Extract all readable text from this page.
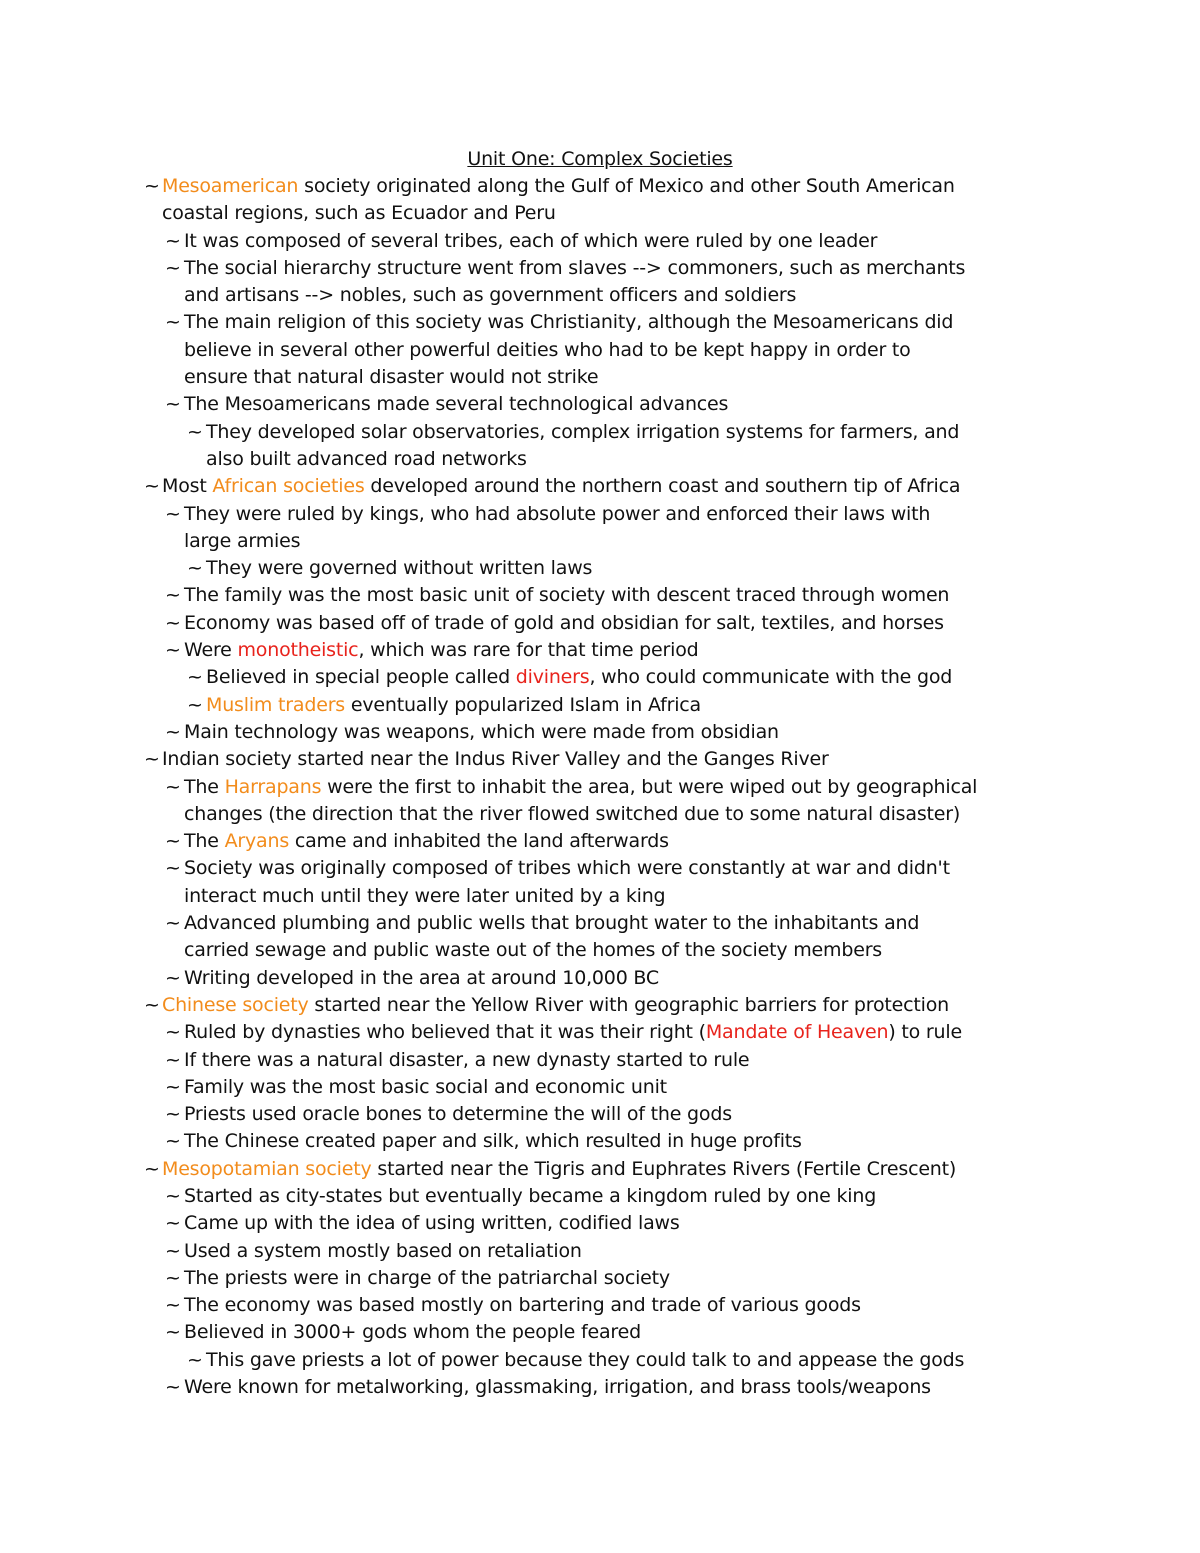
Unit One: Complex Societies
~ Mesoamerican society originated along the Gulf of Mexico and other South American
coastal regions, such as Ecuador and Peru
~ It was composed of several tribes, each of which were ruled by one leader
~ The social hierarchy structure went from slaves --> commoners, such as merchants
and artisans --> nobles, such as government officers and soldiers
~ The main religion of this society was Christianity, although the Mesoamericans did
believe in several other powerful deities who had to be kept happy in order to
ensure that natural disaster would not strike
~ The Mesoamericans made several technological advances
~ They developed solar observatories, complex irrigation systems for farmers, and
also built advanced road networks
~ Most African societies developed around the northern coast and southern tip of Africa
~ They were ruled by kings, who had absolute power and enforced their laws with
large armies
~ They were governed without written laws
~ The family was the most basic unit of society with descent traced through women
~ Economy was based off of trade of gold and obsidian for salt, textiles, and horses
~ Were monotheistic, which was rare for that time period
~ Believed in special people called diviners, who could communicate with the god
~ Muslim traders eventually popularized Islam in Africa
~ Main technology was weapons, which were made from obsidian
~ Indian society started near the Indus River Valley and the Ganges River
~ The Harrapans were the first to inhabit the area, but were wiped out by geographical
changes (the direction that the river flowed switched due to some natural disaster)
~ The Aryans came and inhabited the land afterwards
~ Society was originally composed of tribes which were constantly at war and didn't
interact much until they were later united by a king
~ Advanced plumbing and public wells that brought water to the inhabitants and
carried sewage and public waste out of the homes of the society members
~ Writing developed in the area at around 10,000 BC
~ Chinese society started near the Yellow River with geographic barriers for protection
~ Ruled by dynasties who believed that it was their right (Mandate of Heaven) to rule
~ If there was a natural disaster, a new dynasty started to rule
~ Family was the most basic social and economic unit
~ Priests used oracle bones to determine the will of the gods
~ The Chinese created paper and silk, which resulted in huge profits
~ Mesopotamian society started near the Tigris and Euphrates Rivers (Fertile Crescent)
~ Started as city-states but eventually became a kingdom ruled by one king
~ Came up with the idea of using written, codified laws
~ Used a system mostly based on retaliation
~ The priests were in charge of the patriarchal society
~ The economy was based mostly on bartering and trade of various goods
~ Believed in 3000+ gods whom the people feared
~ This gave priests a lot of power because they could talk to and appease the gods
~ Were known for metalworking, glassmaking, irrigation, and brass tools/weapons
